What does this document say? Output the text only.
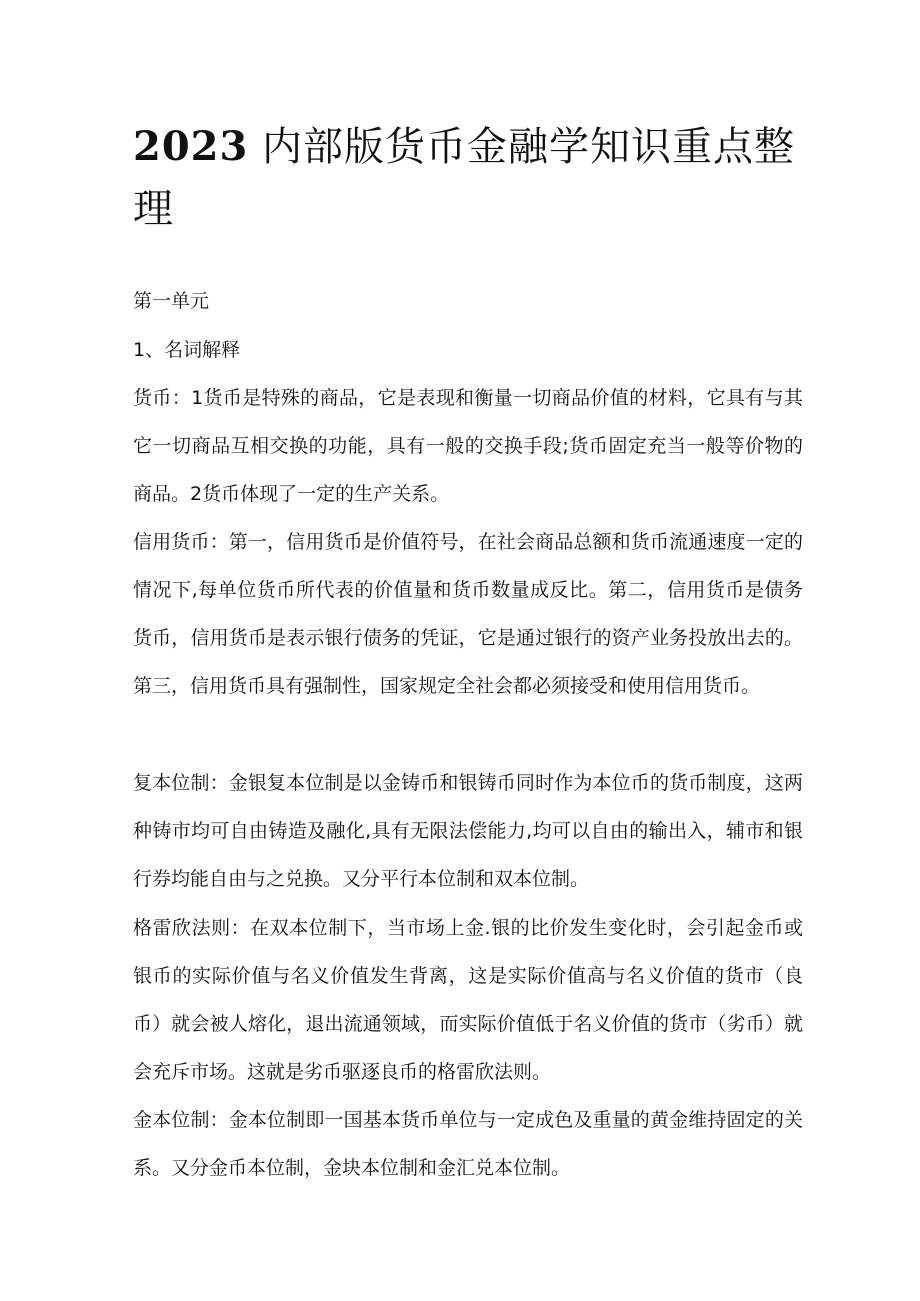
2023 内部版货币金融学知识重点整理

第一单元

1、名词解释

货币：1货币是特殊的商品，它是表现和衡量一切商品价值的材料，它具有与其它一切商品互相交换的功能，具有一般的交换手段;货币固定充当一般等价物的商品。2货币体现了一定的生产关系。

信用货币：第一，信用货币是价值符号，在社会商品总额和货币流通速度一定的情况下,每单位货币所代表的价值量和货币数量成反比。第二，信用货币是债务货币，信用货币是表示银行债务的凭证，它是通过银行的资产业务投放出去的。第三，信用货币具有强制性，国家规定全社会都必须接受和使用信用货币。

复本位制：金银复本位制是以金铸币和银铸币同时作为本位币的货币制度，这两种铸市均可自由铸造及融化,具有无限法偿能力,均可以自由的输出入，辅市和银行券均能自由与之兑换。又分平行本位制和双本位制。

格雷欣法则：在双本位制下，当市场上金.银的比价发生变化时，会引起金币或银币的实际价值与名义价值发生背离，这是实际价值高与名义价值的货市（良币）就会被人熔化，退出流通领域，而实际价值低于名义价值的货市（劣币）就会充斥市场。这就是劣币驱逐良币的格雷欣法则。

金本位制：金本位制即一国基本货币单位与一定成色及重量的黄金维持固定的关系。又分金币本位制，金块本位制和金汇兑本位制。
